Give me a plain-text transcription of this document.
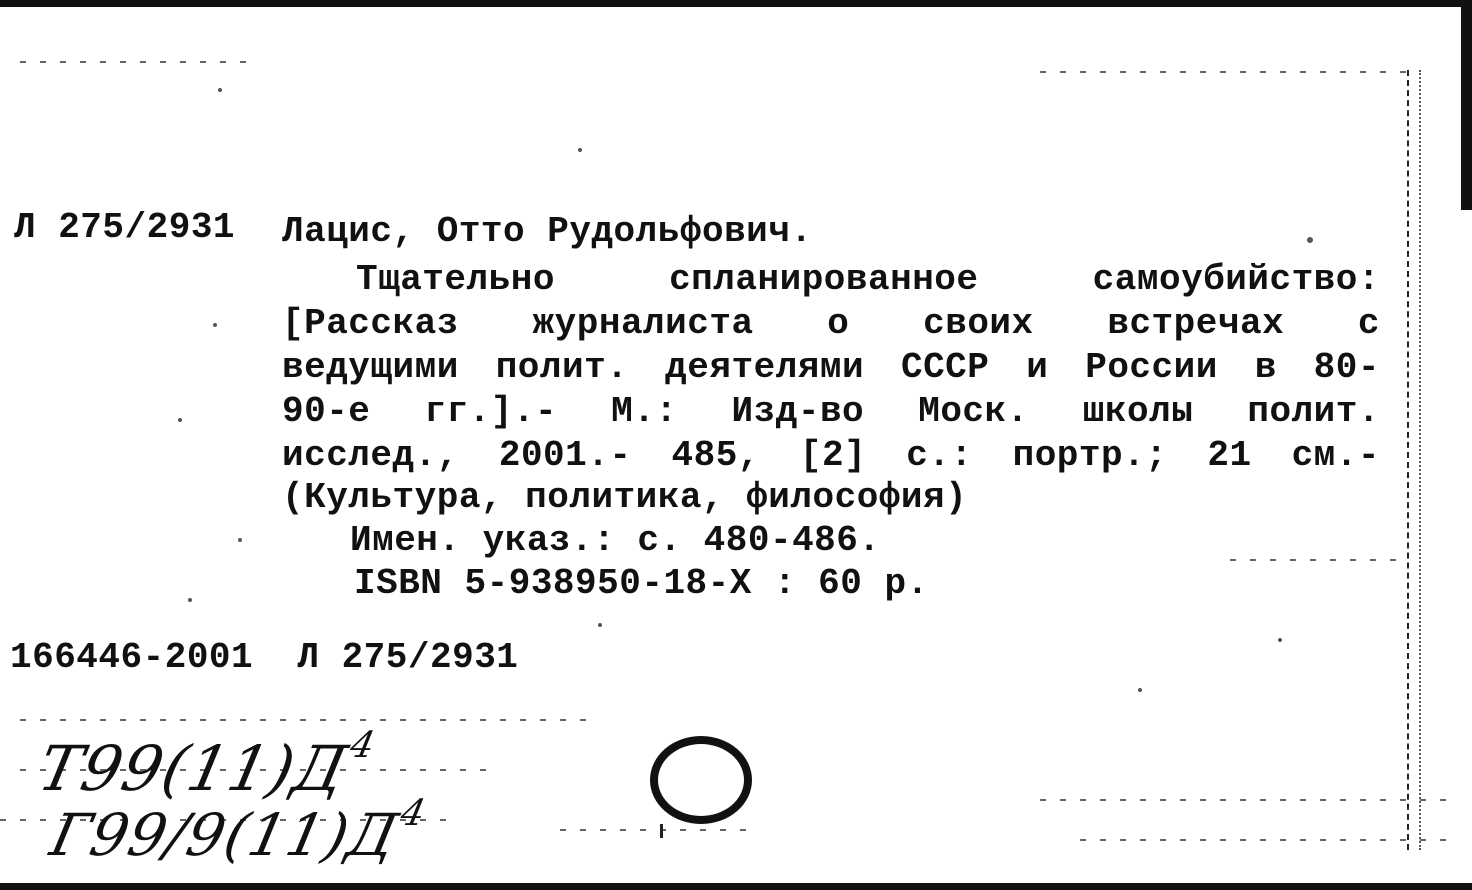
Л 275/2931 Лацис, Отто Рудольфович.
Тщательно спланированное самоубийство:
[Рассказ журналиста о своих встречах с
ведущими полит. деятелями СССР и России в 80-
90-е гг.].- М.: Изд-во Моск. школы полит.
исслед., 2001.- 485, [2] с.: портр.; 21 см.-
(Культура, политика, философия)
Имен. указ.: с. 480-486.
ISBN 5-938950-18-X : 60 р.
166446-2001 Л 275/2931
$Т99(11)Д^4$
$Г99/9(11)Д^4$
